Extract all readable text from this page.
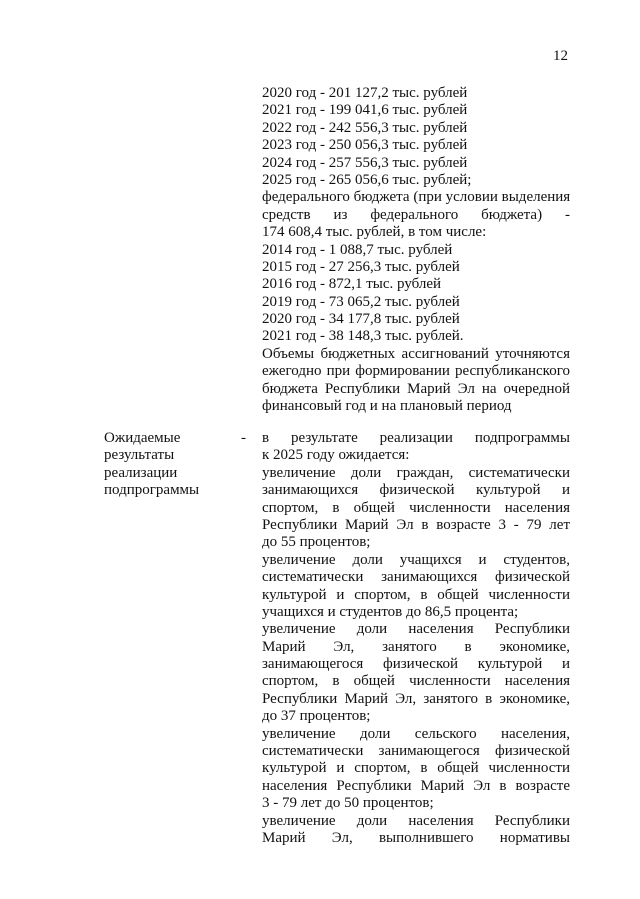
12
2020 год - 201 127,2 тыс. рублей
2021 год - 199 041,6 тыс. рублей
2022 год - 242 556,3 тыс. рублей
2023 год - 250 056,3 тыс. рублей
2024 год - 257 556,3 тыс. рублей
2025 год - 265 056,6 тыс. рублей;
федерального бюджета (при условии выделения
средств из федерального бюджета) -
174 608,4 тыс. рублей, в том числе:
2014 год - 1 088,7 тыс. рублей
2015 год - 27 256,3 тыс. рублей
2016 год - 872,1 тыс. рублей
2019 год - 73 065,2 тыс. рублей
2020 год - 34 177,8 тыс. рублей
2021 год - 38 148,3 тыс. рублей.
Объемы бюджетных ассигнований уточняются
ежегодно при формировании республиканского
бюджета Республики Марий Эл на очередной
финансовый год и на плановый период
Ожидаемые
результаты
реализации
подпрограммы
- в результате реализации подпрограммы
к 2025 году ожидается:
увеличение доли граждан, систематически
занимающихся физической культурой и
спортом, в общей численности населения
Республики Марий Эл в возрасте 3 - 79 лет
до 55 процентов;
увеличение доли учащихся и студентов,
систематически занимающихся физической
культурой и спортом, в общей численности
учащихся и студентов до 86,5 процента;
увеличение доли населения Республики
Марий Эл, занятого в экономике,
занимающегося физической культурой и
спортом, в общей численности населения
Республики Марий Эл, занятого в экономике,
до 37 процентов;
увеличение доли сельского населения,
систематически занимающегося физической
культурой и спортом, в общей численности
населения Республики Марий Эл в возрасте
3 - 79 лет до 50 процентов;
увеличение доли населения Республики
Марий Эл, выполнившего нормативы
